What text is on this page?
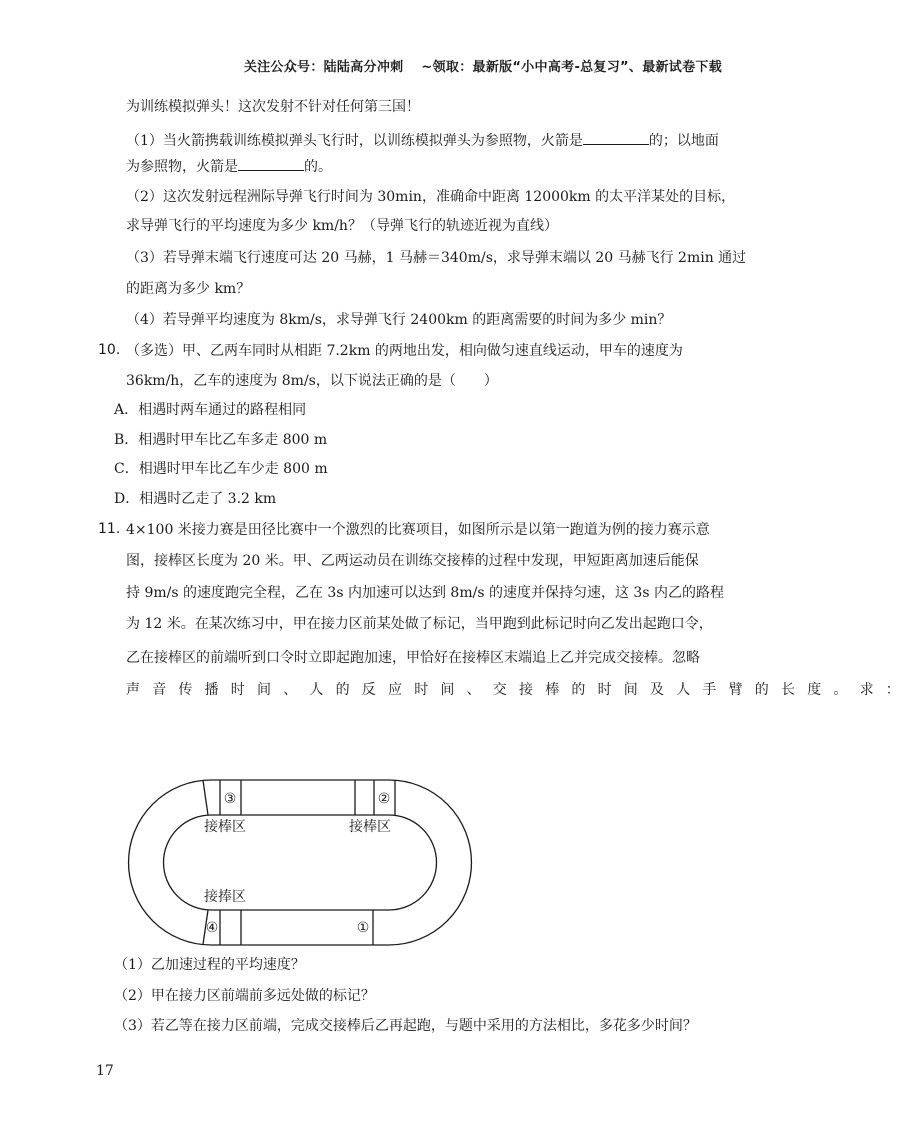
关注公众号：陆陆高分冲刺 ~领取：最新版“小中高考-总复习”、最新试卷下载
为训练模拟弹头！这次发射不针对任何第三国！
（1）当火箭携载训练模拟弹头飞行时，以训练模拟弹头为参照物，火箭是	的；以地面
为参照物，火箭是	的。
（2）这次发射远程洲际导弹飞行时间为 30min，准确命中距离 12000km 的太平洋某处的目标，
求导弹飞行的平均速度为多少 km/h？（导弹飞行的轨迹近视为直线）
（3）若导弹末端飞行速度可达 20 马赫，1 马赫＝340m/s，求导弹末端以 20 马赫飞行 2min 通过
的距离为多少 km？
（4）若导弹平均速度为 8km/s，求导弹飞行 2400km 的距离需要的时间为多少 min？
10. （多选）甲、乙两车同时从相距 7.2km 的两地出发，相向做匀速直线运动，甲车的速度为
36km/h，乙车的速度为 8m/s，以下说法正确的是（　　）
A．相遇时两车通过的路程相同
B．相遇时甲车比乙车多走 800 m
C．相遇时甲车比乙车少走 800 m
D．相遇时乙走了 3.2 km
11. 4×100 米接力赛是田径比赛中一个激烈的比赛项目，如图所示是以第一跑道为例的接力赛示意
图，接棒区长度为 20 米。甲、乙两运动员在训练交接棒的过程中发现，甲短距离加速后能保
持 9m/s 的速度跑完全程，乙在 3s 内加速可以达到 8m/s 的速度并保持匀速，这 3s 内乙的路程
为 12 米。在某次练习中，甲在接力区前某处做了标记，当甲跑到此标记时向乙发出起跑口令，
乙在接棒区的前端听到口令时立即起跑加速，甲恰好在接棒区末端追上乙并完成交接棒。忽略
声音传播时间、人的反应时间、交接棒的时间及人手臂的长度。求：
③	②
④	①
接棒区	接棒区
接捧区
（1）乙加速过程的平均速度？
（2）甲在接力区前端前多远处做的标记？
（3）若乙等在接力区前端，完成交接棒后乙再起跑，与题中采用的方法相比，多花多少时间？
17
